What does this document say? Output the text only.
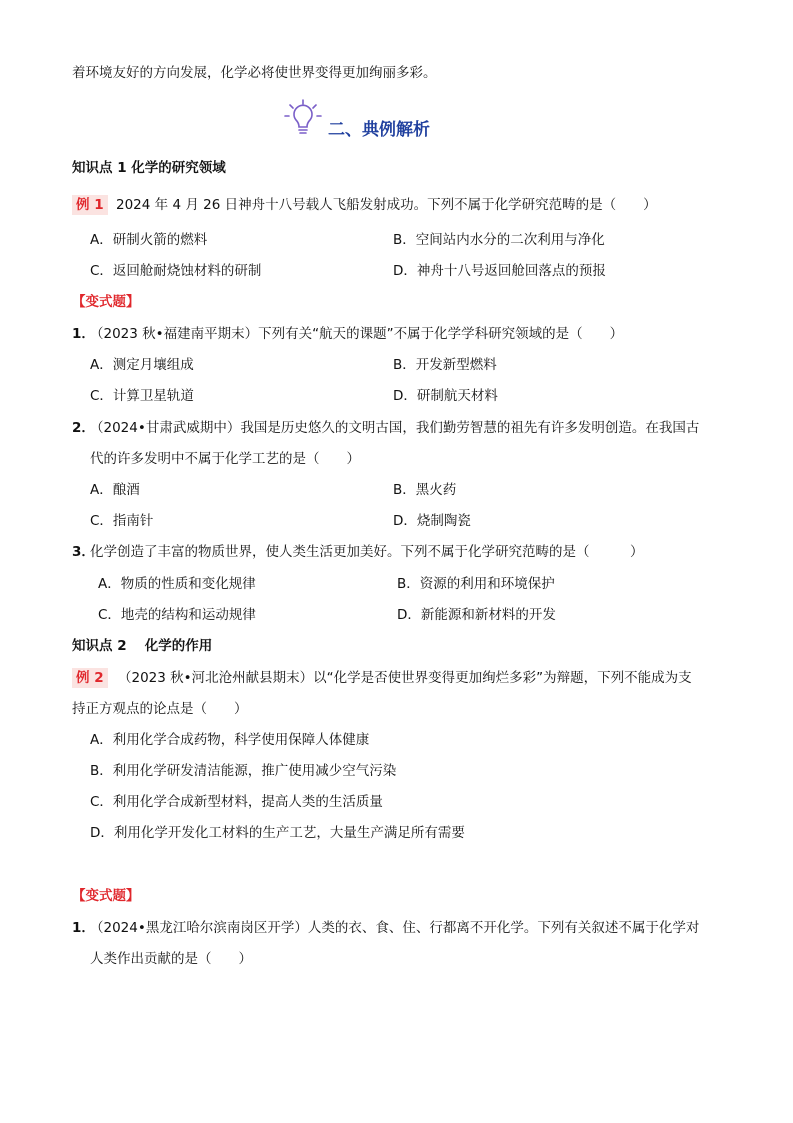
着环境友好的方向发展，化学必将使世界变得更加绚丽多彩。
二、典例解析
知识点 1 化学的研究领域
例 1 2024 年 4 月 26 日神舟十八号载人飞船发射成功。下列不属于化学研究范畴的是（　　）
A．研制火箭的燃料	B．空间站内水分的二次利用与净化
C．返回舱耐烧蚀材料的研制	D．神舟十八号返回舱回落点的预报
【变式题】
1．
（2023 秋•福建南平期末）下列有关“航天的课题”不属于化学学科研究领域的是（　　）
A．测定月壤组成	B．开发新型燃料
C．计算卫星轨道	D．研制航天材料
2．
（2024•甘肃武威期中）我国是历史悠久的文明古国，我们勤劳智慧的祖先有许多发明创造。在我国古
代的许多发明中不属于化学工艺的是（　　）
A．酿酒	B．黑火药
C．指南针	D．烧制陶瓷
3．
化学创造了丰富的物质世界，使人类生活更加美好。下列不属于化学研究范畴的是（　　　）
A．物质的性质和变化规律	B．资源的利用和环境保护
C．地壳的结构和运动规律	D．新能源和新材料的开发
知识点 2　 化学的作用
例 2	（2023 秋•河北沧州献县期末）以“化学是否使世界变得更加绚烂多彩”为辩题，下列不能成为支
持正方观点的论点是（　　）
A．利用化学合成药物，科学使用保障人体健康
B．利用化学研发清洁能源，推广使用减少空气污染
C．利用化学合成新型材料，提高人类的生活质量
D．利用化学开发化工材料的生产工艺，大量生产满足所有需要
【变式题】
1．
（2024•黑龙江哈尔滨南岗区开学）人类的衣、食、住、行都离不开化学。下列有关叙述不属于化学对
人类作出贡献的是（　　）
